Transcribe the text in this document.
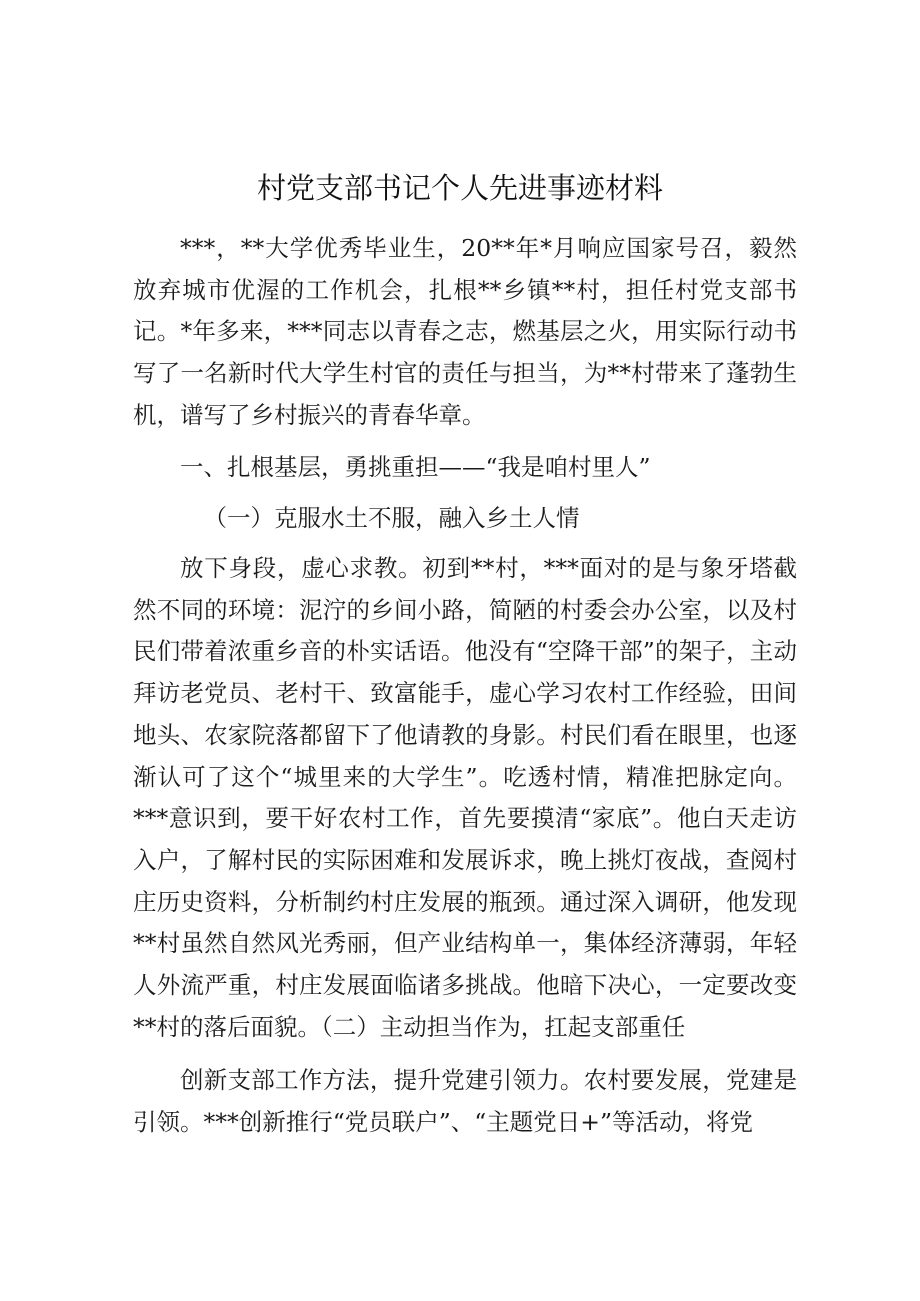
村党支部书记个人先进事迹材料

***，**大学优秀毕业生，20**年*月响应国家号召，毅然放弃城市优渥的工作机会，扎根**乡镇**村，担任村党支部书记。*年多来，***同志以青春之志，燃基层之火，用实际行动书写了一名新时代大学生村官的责任与担当，为**村带来了蓬勃生机，谱写了乡村振兴的青春华章。

一、扎根基层，勇挑重担——“我是咱村里人”

（一）克服水土不服，融入乡土人情

放下身段，虚心求教。初到**村，***面对的是与象牙塔截然不同的环境：泥泞的乡间小路，简陋的村委会办公室，以及村民们带着浓重乡音的朴实话语。他没有“空降干部”的架子，主动拜访老党员、老村干、致富能手，虚心学习农村工作经验，田间地头、农家院落都留下了他请教的身影。村民们看在眼里，也逐渐认可了这个“城里来的大学生”。吃透村情，精准把脉定向。***意识到，要干好农村工作，首先要摸清“家底”。他白天走访入户，了解村民的实际困难和发展诉求，晚上挑灯夜战，查阅村庄历史资料，分析制约村庄发展的瓶颈。通过深入调研，他发现**村虽然自然风光秀丽，但产业结构单一，集体经济薄弱，年轻人外流严重，村庄发展面临诸多挑战。他暗下决心，一定要改变**村的落后面貌。（二）主动担当作为，扛起支部重任

创新支部工作方法，提升党建引领力。农村要发展，党建是引领。***创新推行“党员联户”、“主题党日+”等活动，将党
